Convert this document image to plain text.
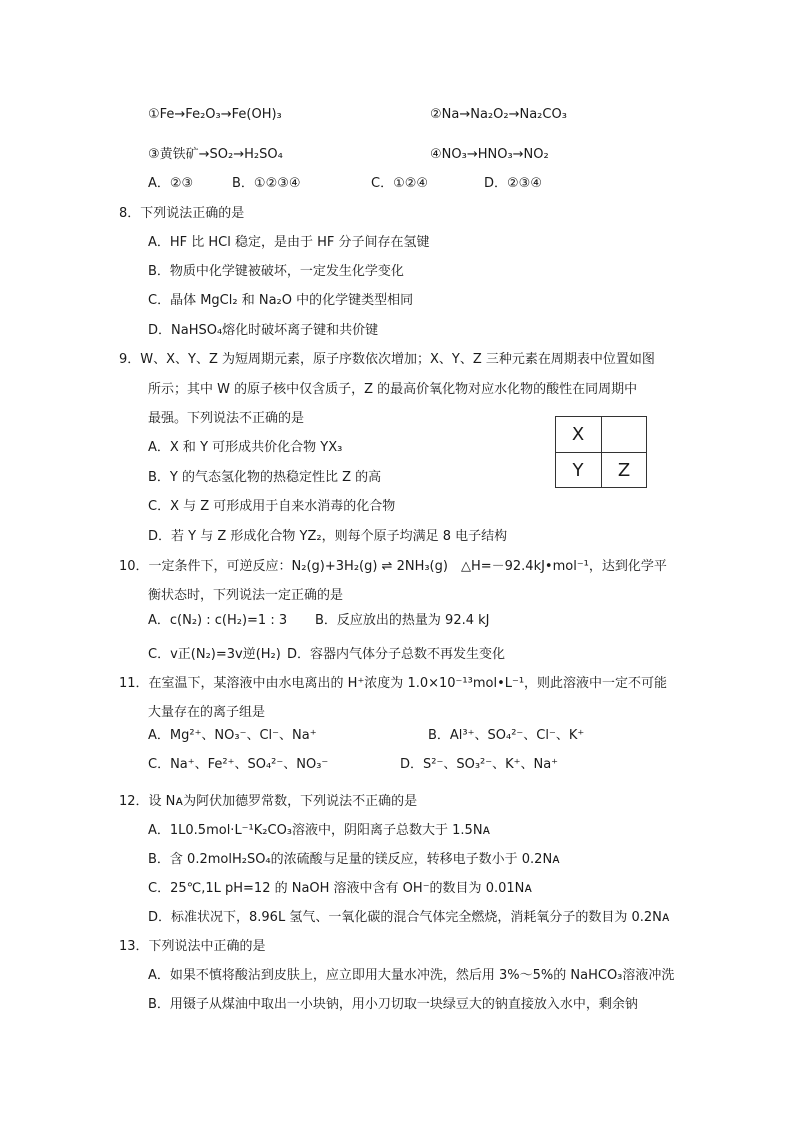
①Fe→Fe₂O₃→Fe(OH)₃	②Na→Na₂O₂→Na₂CO₃
③黄铁矿→SO₂→H₂SO₄	④NO₃→HNO₃→NO₂
A．②③	B．①②③④	C．①②④	D．②③④
8．下列说法正确的是
A．HF 比 HCl 稳定，是由于 HF 分子间存在氢键
B．物质中化学键被破坏，一定发生化学变化
C．晶体 MgCl₂ 和 Na₂O 中的化学键类型相同
D．NaHSO₄熔化时破坏离子键和共价键
9．W、X、Y、Z 为短周期元素，原子序数依次增加；X、Y、Z 三种元素在周期表中位置如图
所示；其中 W 的原子核中仅含质子，Z 的最高价氧化物对应水化物的酸性在同周期中
最强。下列说法不正确的是
A．X 和 Y 可形成共价化合物 YX₃
B．Y 的气态氢化物的热稳定性比 Z 的高
C．X 与 Z 可形成用于自来水消毒的化合物
D．若 Y 与 Z 形成化合物 YZ₂，则每个原子均满足 8 电子结构
X
Y	Z
10．一定条件下，可逆反应：N₂(g)+3H₂(g) ⇌ 2NH₃(g)　△H=－92.4kJ•mol⁻¹，达到化学平
衡状态时，下列说法一定正确的是
A．c(N₂) : c(H₂)=1 : 3 B．反应放出的热量为 92.4 kJ
C．v正(N₂)=3v逆(H₂) D．容器内气体分子总数不再发生变化
11．在室温下，某溶液中由水电离出的 H⁺浓度为 1.0×10⁻¹³mol•L⁻¹，则此溶液中一定不可能
大量存在的离子组是
A．Mg²⁺、NO₃⁻、Cl⁻、Na⁺	B．Al³⁺、SO₄²⁻、Cl⁻、K⁺
C．Na⁺、Fe²⁺、SO₄²⁻、NO₃⁻	D．S²⁻、SO₃²⁻、K⁺、Na⁺
12．设 Nᴀ为阿伏加德罗常数，下列说法不正确的是
A．1L0.5mol·L⁻¹K₂CO₃溶液中，阴阳离子总数大于 1.5Nᴀ
B．含 0.2molH₂SO₄的浓硫酸与足量的镁反应，转移电子数小于 0.2Nᴀ
C．25℃,1L pH=12 的 NaOH 溶液中含有 OH⁻的数目为 0.01Nᴀ
D．标准状况下，8.96L 氢气、一氧化碳的混合气体完全燃烧，消耗氧分子的数目为 0.2Nᴀ
13．下列说法中正确的是
A．如果不慎将酸沾到皮肤上，应立即用大量水冲洗，然后用 3%～5%的 NaHCO₃溶液冲洗
B．用镊子从煤油中取出一小块钠，用小刀切取一块绿豆大的钠直接放入水中，剩余钠
